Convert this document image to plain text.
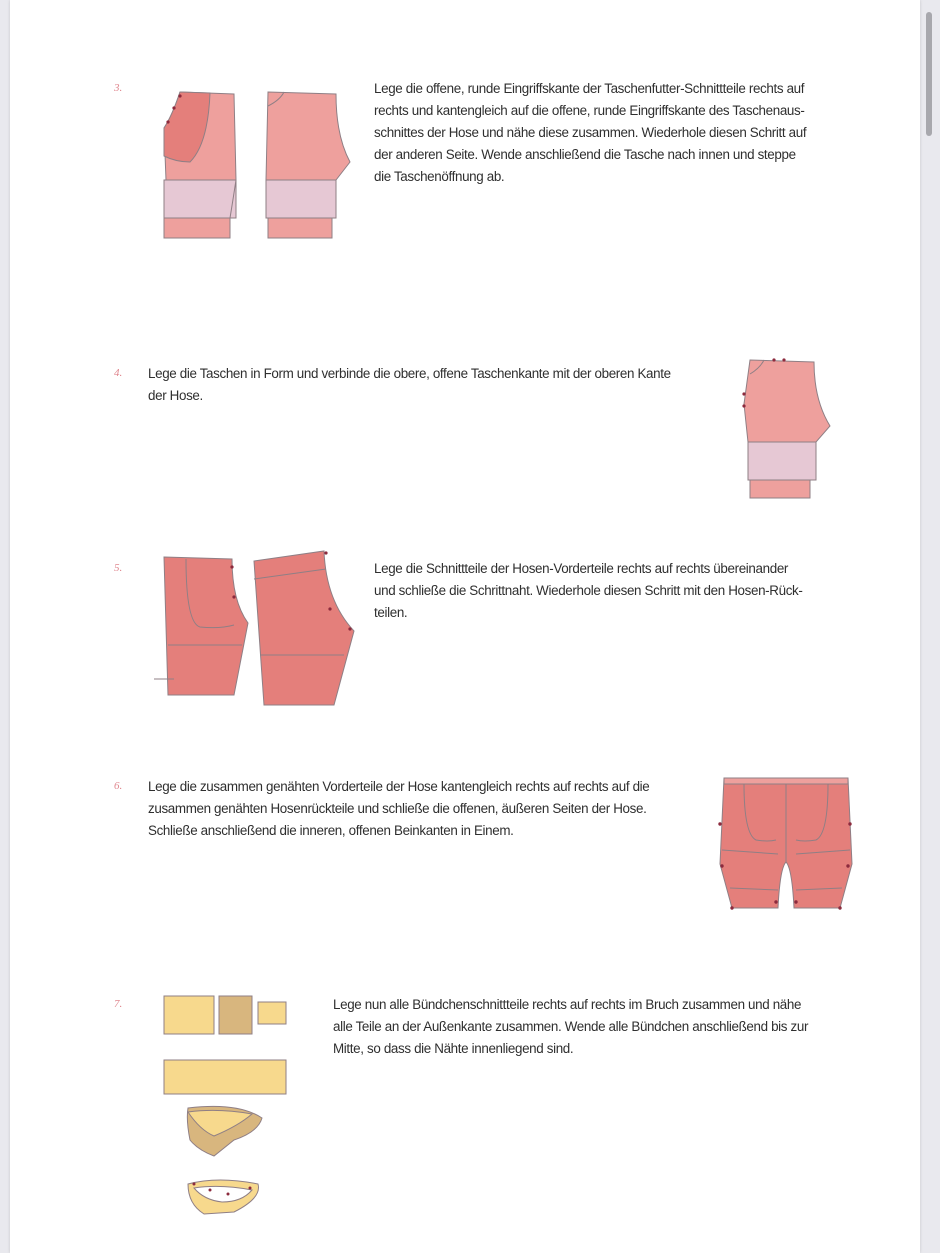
3.	Lege die offene, runde Eingriffskante der Taschenfutter-Schnittteile rechts auf

rechts und kantengleich auf die offene, runde Eingriffskante des Taschenaus-

schnittes der Hose und nähe diese zusammen. Wiederhole diesen Schritt auf

der anderen Seite. Wende anschließend die Tasche nach innen und steppe

die Taschenöffnung ab.

4. Lege die Taschen in Form und verbinde die obere, offene Taschenkante mit der oberen Kante

der Hose.

5.	Lege die Schnittteile der Hosen-Vorderteile rechts auf rechts übereinander

und schließe die Schrittnaht. Wiederhole diesen Schritt mit den Hosen-Rück-

teilen.

6. Lege die zusammen genähten Vorderteile der Hose kantengleich rechts auf rechts auf die

zusammen genähten Hosenrückteile und schließe die offenen, äußeren Seiten der Hose.

Schließe anschließend die inneren, offenen Beinkanten in Einem.

7.	Lege nun alle Bündchenschnittteile rechts auf rechts im Bruch zusammen und nähe

alle Teile an der Außenkante zusammen. Wende alle Bündchen anschließend bis zur

Mitte, so dass die Nähte innenliegend sind.
